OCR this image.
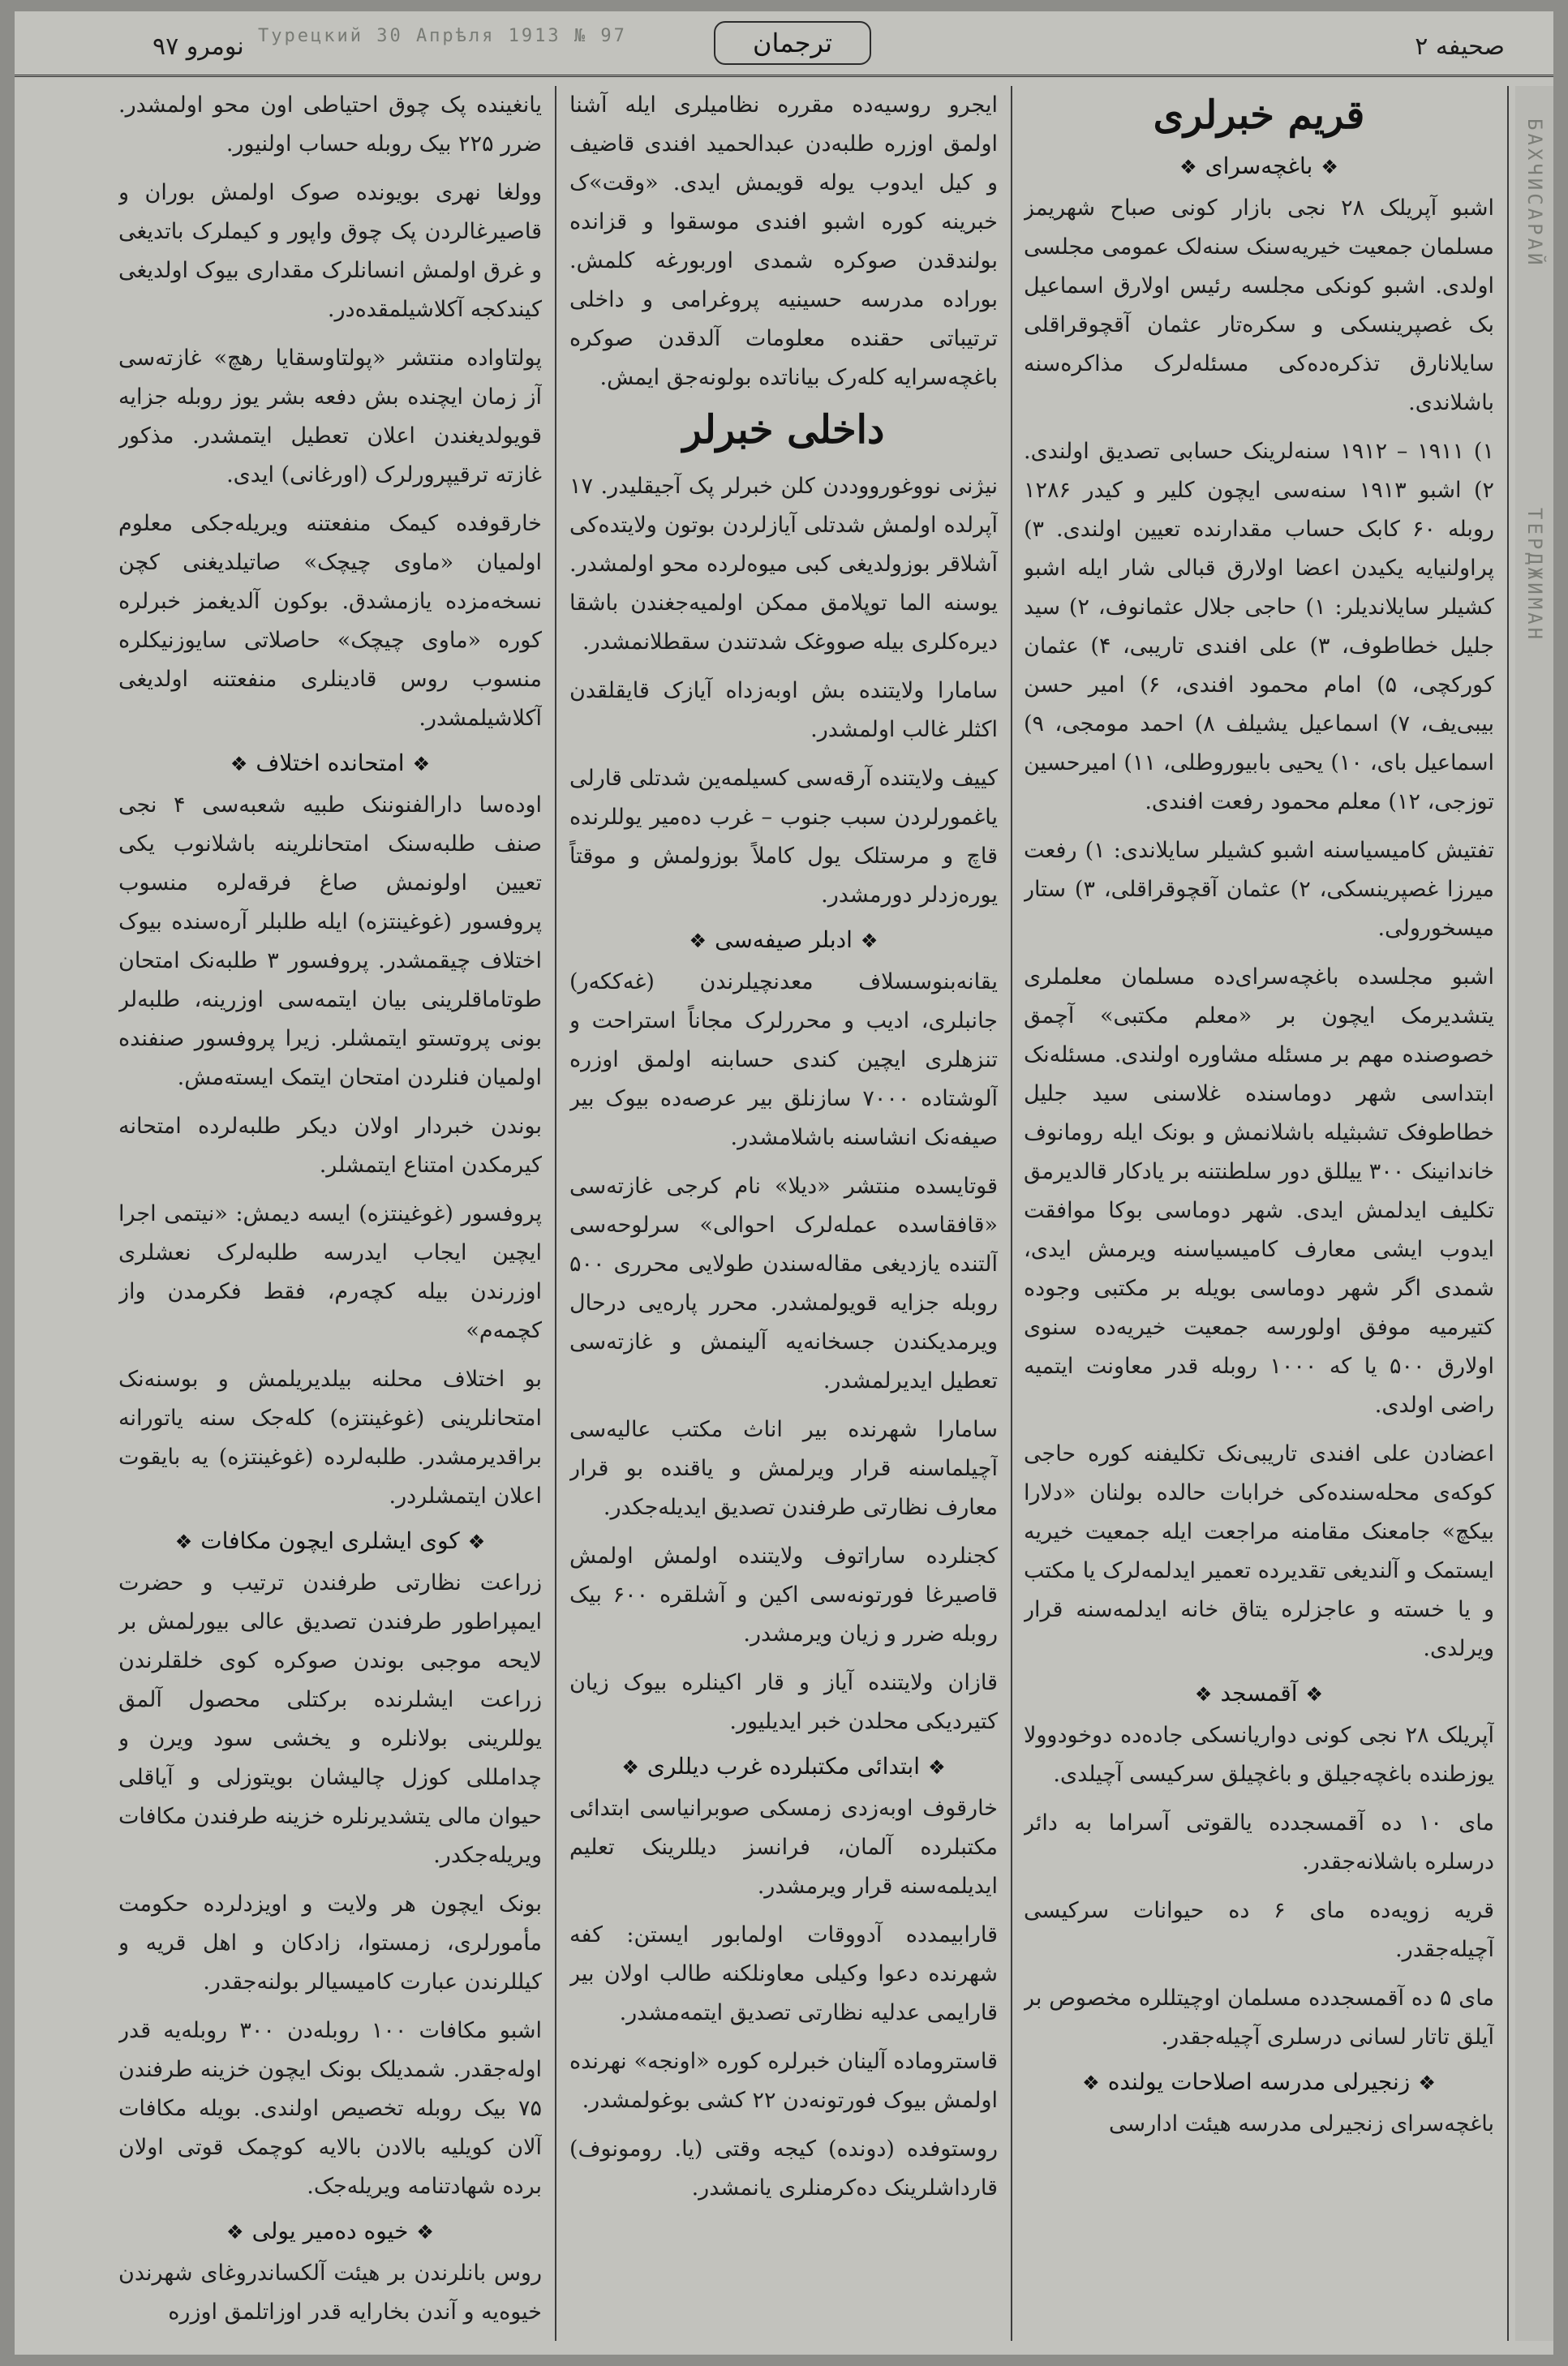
Турецкий 30 Апрѣля 1913 № 97	صحیفه ۲
ترجمان
نومرو ۹۷
БАХЧИСАРАЙ
ТЕРДЖИМАН
قریم خبرلری
❖باغچه‌سرای❖

اشبو آپریلک ۲۸ نجی بازار کونی صباح شهریمز مسلمان جمعیت خیریه‌سنک سنه‌لک عمومی مجلسی اولدی. اشبو کونکی مجلسه رئیس اولارق اسماعیل بک غصپرینسکی و سکره‌تار عثمان آقچوقراقلی سایلانارق تذکره‌ده‌کی مسئله‌لرک مذاکره‌سنه باشلاندی.

۱) ۱۹۱۱ – ۱۹۱۲ سنه‌لرینک حسابی تصدیق اولندی. ۲) اشبو ۱۹۱۳ سنه‌سی ایچون کلیر و کیدر ۱۲۸۶ روبله ۶۰ کابک حساب مقدارنده تعیین اولندی. ۳) پراولنیایه یکیدن اعضا اولارق قبالی شار ایله اشبو کشیلر سایلاندیلر: ۱) حاجی جلال عثمانوف، ۲) سید جلیل خطاطوف، ۳) علی افندی تاریبی، ۴) عثمان کورکچی، ۵) امام محمود افندی، ۶) امیر حسن بیبی‌یف، ۷) اسماعیل یشیلف ۸) احمد مومجی، ۹) اسماعیل بای، ۱۰) یحیی بابیوروطلی، ۱۱) امیرحسین توزجی، ۱۲) معلم محمود رفعت افندی.

تفتیش کامیسیاسنه اشبو کشیلر سایلاندی: ۱) رفعت میرزا غصپرینسکی، ۲) عثمان آقچوقراقلی، ۳) ستار میسخورولی.

اشبو مجلسده باغچه‌سرای‌ده مسلمان معلملری یتشدیرمک ایچون بر «معلم مکتبی» آچمق خصوصنده مهم بر مسئله مشاوره اولندی. مسئله‌نک ابتداسی شهر دوماسنده غلاسنی سید جلیل خطاطوفک تشبثیله باشلانمش و بونک ایله رومانوف خاندانینک ۳۰۰ ییللق دور سلطنتنه بر یادکار قالدیرمق تکلیف ایدلمش ایدی. شهر دوماسی بوکا موافقت ایدوب ایشی معارف کامیسیاسنه ویرمش ایدی، شمدی اگر شهر دوماسی بویله بر مکتبی وجوده کتیرمیه موفق اولورسه جمعیت خیریه‌ده سنوی اولارق ۵۰۰ یا که ۱۰۰۰ روبله قدر معاونت ایتمیه راضی اولدی.

اعضادن علی افندی تاریبی‌نک تکلیفنه کوره حاجی کوکه‌ی محله‌سنده‌کی خرابات حالده بولنان «دلارا بیکچ» جامعنک مقامنه مراجعت ایله جمعیت خیریه ایستمک و آلندیغی تقدیرده تعمیر ایدلمه‌لرک یا مکتب و یا خسته و عاجزلره یتاق خانه ایدلمه‌سنه قرار ویرلدی.

❖آقمسجد❖

آپریلک ۲۸ نجی کونی دواریانسکی جاده‌ده دوخودوولا یوزطنده باغچه‌جیلق و باغچیلق سرکیسی آچیلدی.

مای ۱۰ ده آقمسجدده یالقوتی آسراما به دائر درسلره باشلانه‌جقدر.

قریه زویه‌ده مای ۶ ده حیوانات سرکیسی آچیله‌جقدر.

مای ۵ ده آقمسجدده مسلمان اوچیتللره مخصوص بر آیلق تاتار لسانی درسلری آچیله‌جقدر.

❖زنجیرلی مدرسه اصلاحات یولنده❖

باغچه‌سرای زنجیرلی مدرسه هیئت ادارسی

ایجرو روسیه‌ده مقرره نظامیلری ایله آشنا اولمق اوزره طلبه‌دن عبدالحمید افندی قاضیف و کیل ایدوب یوله قویمش ایدی. «وقت»‌ک خبرینه کوره اشبو افندی موسقوا و قزانده بولندقدن صوکره شمدی اوربورغه کلمش. بوراده مدرسه حسینیه پروغرامی و داخلی ترتیباتی حقنده معلومات آلدقدن صوکره باغچه‌سرایه کله‌رک بیاناتده بولونه‌جق ایمش.

داخلی خبرلر

نیژنی نووغورووددن کلن خبرلر پک آجیقلیدر. ۱۷ آپرلده اولمش شدتلی آیازلردن بوتون ولایتده‌کی آشلاقر بوزولدیغی کبی میوه‌لرده محو اولمشدر. یوسنه الما توپلامق ممکن اولمیه‌جغندن باشقا دیره‌کلری بیله صووغک شدتندن سقطلانمشدر.

سامارا ولایتنده بش اوبه‌زداه آیازک قایقلقدن اکثلر غالب اولمشدر.

کییف ولایتنده آرقه‌سی کسیلمه‌ین شدتلی قارلی یاغمورلردن سبب جنوب – غرب ده‌میر یوللرنده قاچ و مرستلک یول کاملاً بوزولمش و موقتاً یوره‌زدلر دورمشدر.

❖ادبلر صیفه‌سی❖

یقانه‌بنوسسلاف معدنچیلرندن (غه‌ککه‌ر) جانبلری، ادیب و محررلرک مجاناً استراحت و تنزهلری ایچین کندی حسابنه اولمق اوزره آلوشتاده ۷۰۰۰ سازنلق بیر عرصه‌ده بیوک بیر صیفه‌نک انشاسنه باشلامشدر.

قوتایسده منتشر «دیلا» نام کرجی غازته‌سی «قافقاسده عمله‌لرک احوالی» سرلوحه‌سی آلتنده یازدیغی مقاله‌سندن طولایی محرری ۵۰۰ روبله جزایه قویولمشدر. محرر پاره‌یی درحال ویرمدیکندن جسخانه‌یه آلینمش و غازته‌سی تعطیل ایدیرلمشدر.

سامارا شهرنده بیر اناث مکتب عالیه‌سی آچیلماسنه قرار ویرلمش و یاقنده بو قرار معارف نظارتی طرفندن تصدیق ایدیله‌جکدر.

کجنلرده ساراتوف ولایتنده اولمش اولمش قاصیرغا فورتونه‌سی اکین و آشلقره ۶۰۰ بیک روبله ضرر و زیان ویرمشدر.

قازان ولایتنده آیاز و قار اکینلره بیوک زیان کتیردیکی محلدن خبر ایدیلیور.

❖ابتدائی مکتبلرده غرب دیللری❖

خارقوف اوبه‌زدی زمسکی صوبرانیاسی ابتدائی مکتبلرده آلمان، فرانسز دیللرینک تعلیم ایدیلمه‌سنه قرار ویرمشدر.

قارابیمدده آدووقات اولمابور ایستن: کفه شهرنده دعوا وکیلی معاونلکنه طالب اولان بیر قارایمی عدلیه نظارتی تصدیق ایتمه‌مشدر.

قاستروماده آلینان خبرلره کوره «اونجه» نهرنده اولمش بیوک فورتونه‌دن ۲۲ کشی بوغولمشدر.

روستوفده (دونده) کیجه وقتی (یا. رومونوف) قارداشلرینک ده‌کرمنلری یانمشدر.

یانغینده پک چوق احتیاطی اون محو اولمشدر. ضرر ۲۲۵ بیک روبله حساب اولنیور.

وولغا نهری بویونده صوک اولمش بوران و قاصیرغالردن پک چوق واپور و کیملرک باتدیغی و غرق اولمش انسانلرک مقداری بیوک اولدیغی کیندکجه آکلاشیلمقده‌در.

پولتاواده منتشر «پولتاوسقایا رهچ» غازته‌سی آز زمان ایچنده بش دفعه بشر یوز روبله جزایه قویولدیغندن اعلان تعطیل ایتمشدر. مذکور غازته ترقیپرورلرک (اورغانی) ایدی.

خارقوفده کیمک منفعتنه ویریله‌جکی معلوم اولمیان «ماوی چیچک» صاتیلدیغنی کچن نسخه‌مزده یازمشدق. بوکون آلدیغمز خبرلره کوره «ماوی چیچک» حاصلاتی سایوزنیکلره منسوب روس قادینلری منفعتنه اولدیغی آکلاشیلمشدر.

❖امتحانده اختلاف❖

اوده‌سا دارالفنوننک طبیه شعبه‌سی ۴ نجی صنف طلبه‌سنک امتحانلرینه باشلانوب یکی تعیین اولونمش صاغ فرقه‌لره منسوب پروفسور (غوغینتزه) ایله طلبلر آره‌سنده بیوک اختلاف چیقمشدر. پروفسور ۳ طلبه‌نک امتحان طوتاماقلرینی بیان ایتمه‌سی اوزرینه، طلبه‌لر بونی پروتستو ایتمشلر. زیرا پروفسور صنفنده اولمیان فنلردن امتحان ایتمک ایسته‌مش.

بوندن خبردار اولان دیکر طلبه‌لرده امتحانه کیرمکدن امتناع ایتمشلر.

پروفسور (غوغینتزه) ایسه دیمش: «نیتمی اجرا ایچین ایجاب ایدرسه طلبه‌لرک نعشلری اوزرندن بیله کچه‌رم، فقط فکرمدن واز کچمه‌م»

بو اختلاف محلنه بیلدیریلمش و بوسنه‌نک امتحانلرینی (غوغینتزه) کله‌جک سنه یاتورانه براقدیرمشدر. طلبه‌لرده (غوغینتزه) یه بایقوت اعلان ایتمشلردر.

❖کوی ایشلری ایچون مکافات❖

زراعت نظارتی طرفندن ترتیب و حضرت ایمپراطور طرفندن تصدیق عالی بیورلمش بر لایحه موجبی بوندن صوکره کوی خلقلرندن زراعت ایشلرنده برکتلی محصول آلمق یوللرینی بولانلره و یخشی سود ویرن و چدامللی کوزل چالیشان بویتوزلی و آیاقلی حیوان مالی یتشدیرنلره خزینه طرفندن مکافات ویریله‌جکدر.

بونک ایچون هر ولایت و اویزدلرده حکومت مأمورلری، زمستوا، زادکان و اهل قریه و کیللرندن عبارت کامیسیالر بولنه‌جقدر.

اشبو مکافات ۱۰۰ روبله‌دن ۳۰۰ روبله‌یه قدر اوله‌جقدر. شمدیلک بونک ایچون خزینه طرفندن ۷۵ بیک روبله تخصیص اولندی. بویله مکافات آلان کویلیه بالادن بالایه کوچمک قوتی اولان برده شهادتنامه ویریله‌جک.

❖خیوه ده‌میر یولی❖

روس بانلرندن بر هیئت آلکساندروغای شهرندن خیوه‌یه و آندن بخارایه قدر اوزاتلمق اوزره
